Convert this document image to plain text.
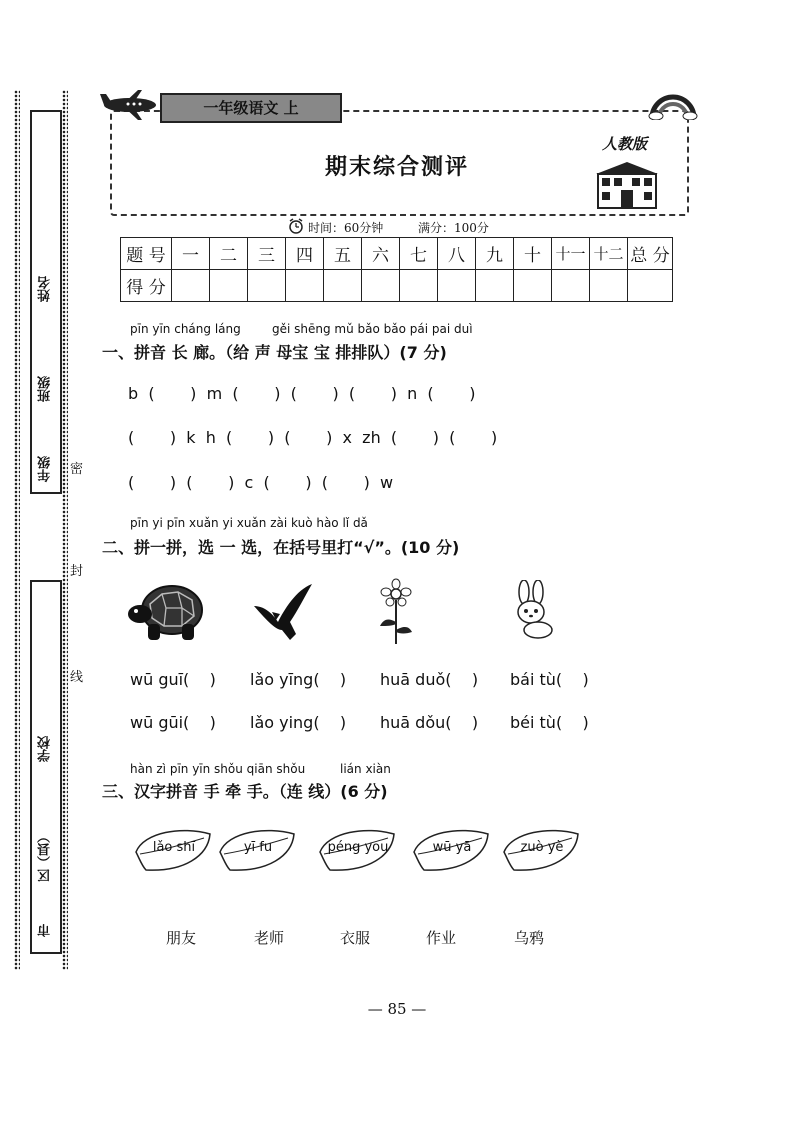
姓名
班级
年级
学校
区（县）
市
密
封
线
一年级语文 上
期末综合测评
人教版
时间：60分钟	满分：100分
题 号	一	二	三	四	五	六	七	八	九	十	十一	十二	总 分
得 分													
pīn yīn cháng láng	gěi shēng mǔ bǎo bǎo pái pai duì
一、拼音 长 廊。（给 声 母宝 宝 排排队）(7 分)
b  (       )  m  (       )  (       )  (       )  n  (       )
(       )  k  h  (       )  (       )  x  zh  (       )  (       )
(       )  (       )  c  (       )  (       )  w
pīn yi pīn xuǎn yi xuǎn zài kuò hào lǐ dǎ
二、拼一拼，选 一 选，在括号里打“√”。(10 分)
wū guī(    ) lǎo yīng(    ) huā duǒ(    ) bái tù(    )
wū gūi(    ) lǎo ying(    ) huā dǒu(    ) béi tù(    )
hàn zì pīn yīn shǒu qiān shǒu	lián xiàn
三、汉字拼音 手 牵 手。（连 线）(6 分)
lǎo shī	yī fu	péng you	wū yā	zuò yè
朋友	老师	衣服	作业	乌鸦
— 85 —
